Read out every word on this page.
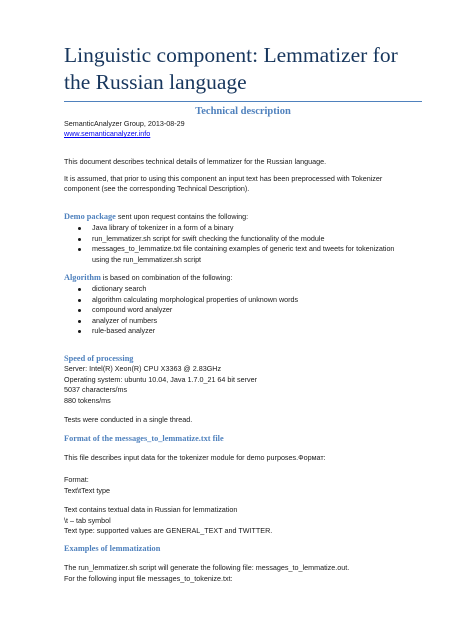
Linguistic component: Lemmatizer for
the Russian language
Technical description

SemanticAnalyzer Group, 2013-08-29

www.semanticanalyzer.info

This document describes technical details of lemmatizer for the Russian language.

It is assumed, that prior to using this component an input text has been preprocessed with Tokenizer

component (see the corresponding Technical Description).

Demo package sent upon request contains the following:

Java library of tokenizer in a form of a binary
run_lemmatizer.sh script for swift checking the functionality of the module
messages_to_lemmatize.txt file containing examples of generic text and tweets for tokenization
using the run_lemmatizer.sh script

Algorithm is based on combination of the following:

dictionary search
algorithm calculating morphological properties of unknown words
compound word analyzer
analyzer of numbers
rule-based analyzer
Speed of processing

Server: Intel(R) Xeon(R) CPU X3363 @ 2.83GHz

Operating system: ubuntu 10.04, Java 1.7.0_21 64 bit server

5037 characters/ms

880 tokens/ms

Tests were conducted in a single thread.

Format of the messages_to_lemmatize.txt file

This file describes input data for the tokenizer module for demo purposes.Формат:

Format:

Text\tText type

Text contains textual data in Russian for lemmatization

\t – tab symbol

Text type: supported values are GENERAL_TEXT and TWITTER.

Examples of lemmatization

The run_lemmatizer.sh script will generate the following file: messages_to_lemmatize.out.

For the following input file messages_to_tokenize.txt:
